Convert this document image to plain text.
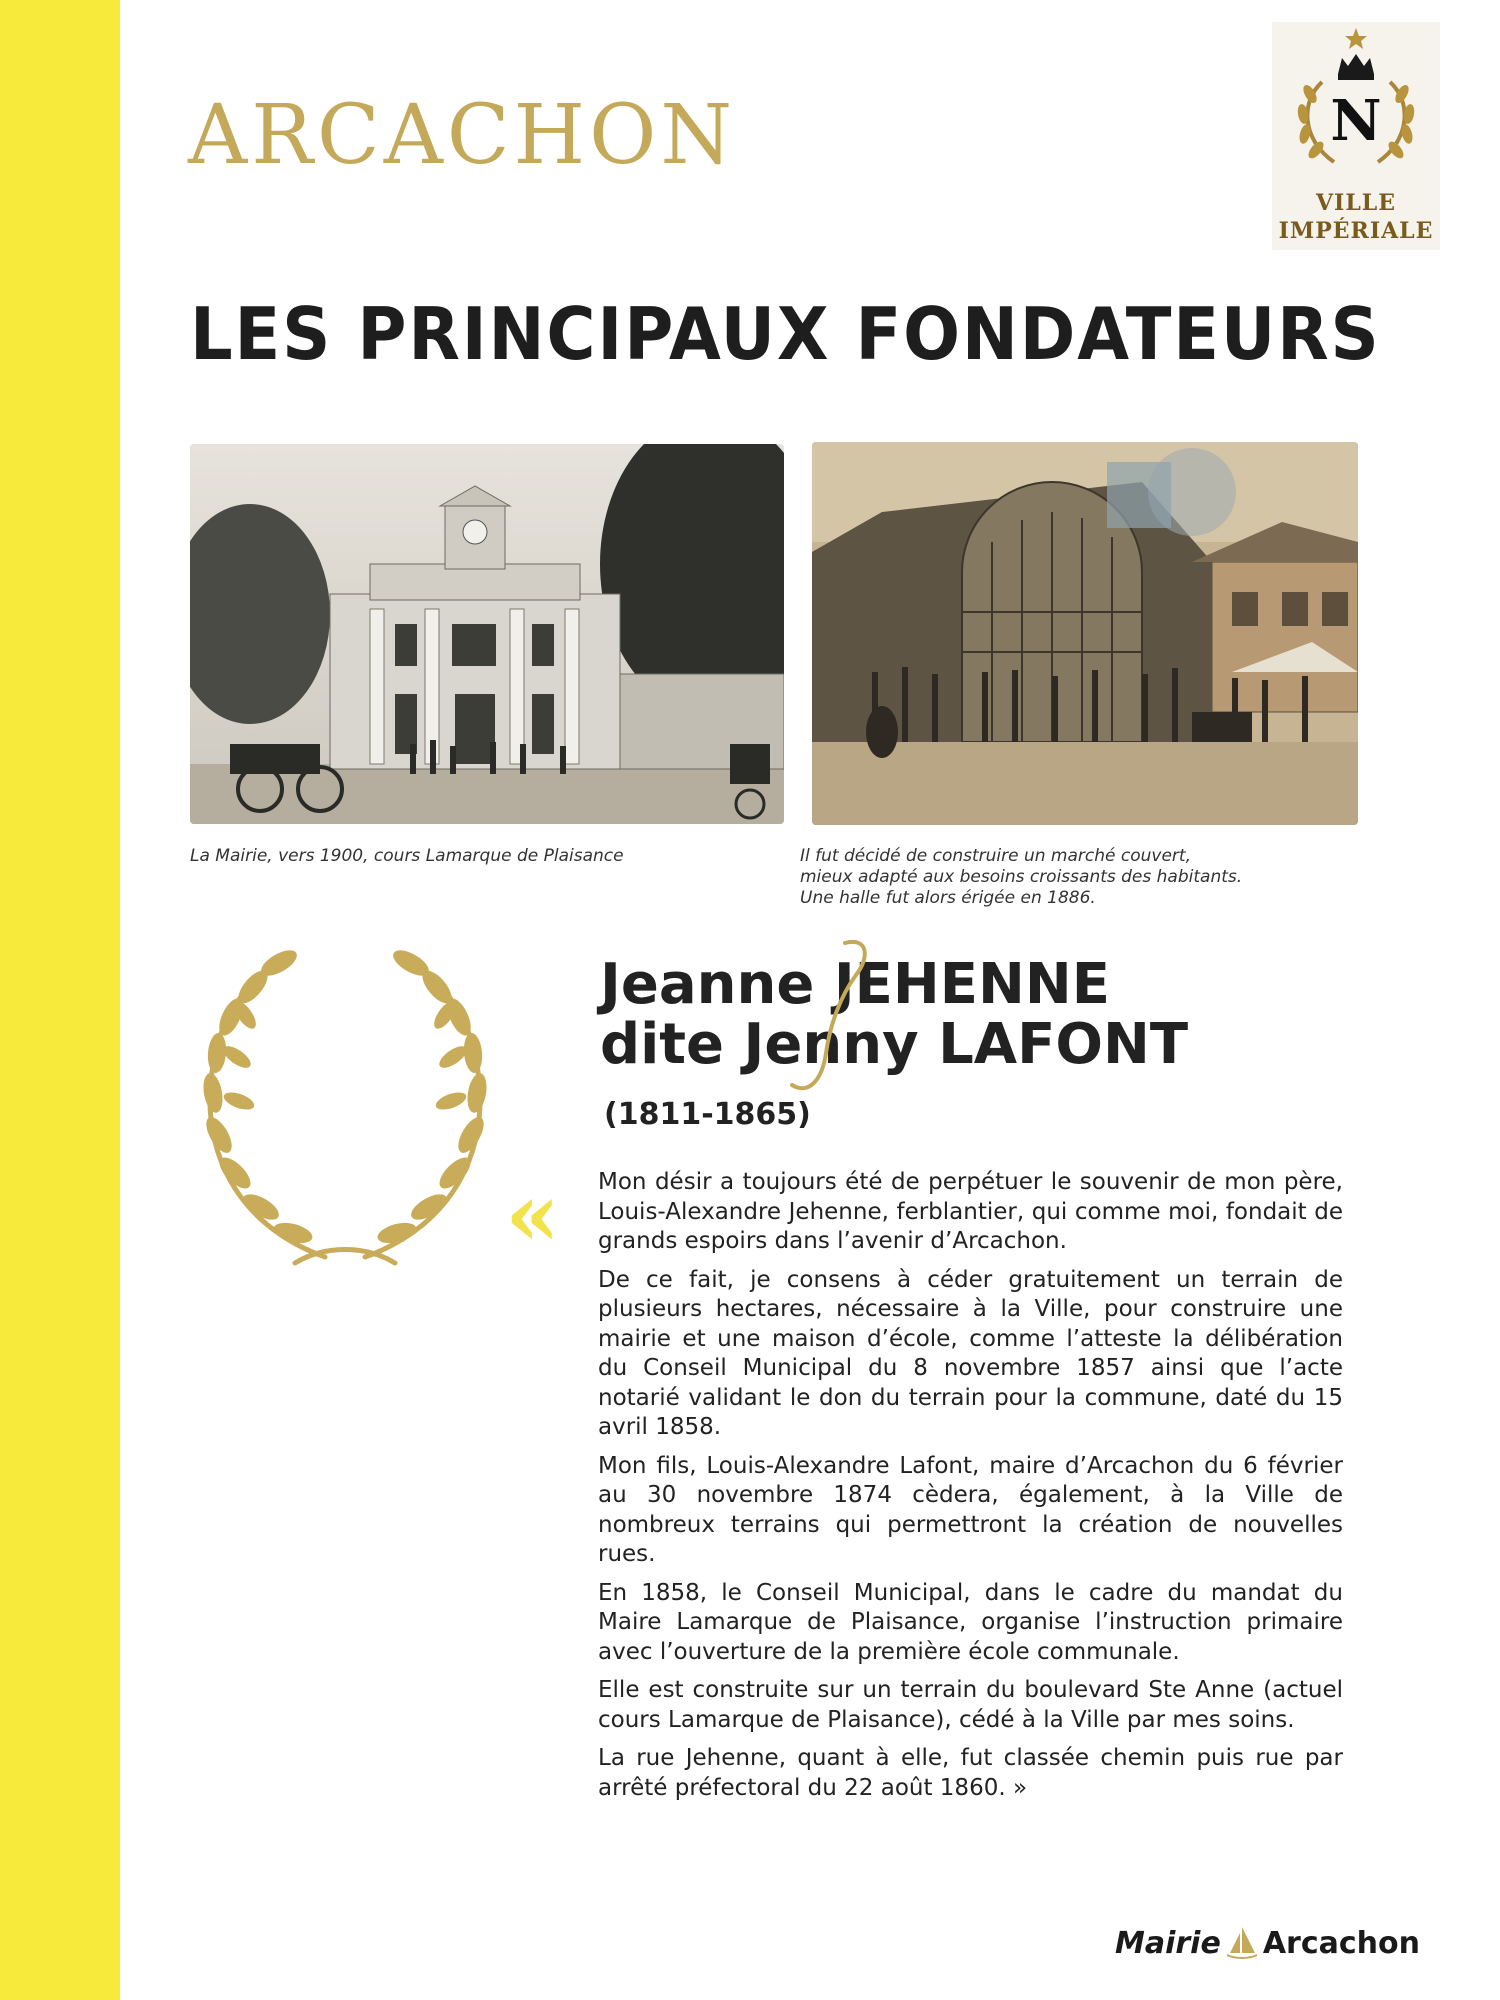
ARCACHON	N
VILLE
IMPÉRIALE
LES PRINCIPAUX FONDATEURS

La Mairie, vers 1900, cours Lamarque de Plaisance	Il fut décidé de construire un marché couvert,
mieux adapté aux besoins croissants des habitants.
Une halle fut alors érigée en 1886.

Jeanne JEHENNE

dite Jenny LAFONT

(1811-1865)

« Mon désir a toujours été de perpétuer le souvenir de mon père, Louis-Alexandre Jehenne, ferblantier, qui comme moi, fondait de grands espoirs dans l’avenir d’Arcachon.

De ce fait, je consens à céder gratuitement un terrain de plusieurs hectares, nécessaire à la Ville, pour construire une mairie et une maison d’école, comme l’atteste la délibération du Conseil Municipal du 8 novembre 1857 ainsi que l’acte notarié validant le don du terrain pour la commune, daté du 15 avril 1858.

Mon fils, Louis-Alexandre Lafont, maire d’Arcachon du 6 février au 30 novembre 1874 cèdera, également, à la Ville de nombreux terrains qui permettront la création de nouvelles rues.

En 1858, le Conseil Municipal, dans le cadre du mandat du Maire Lamarque de Plaisance, organise l’instruction primaire avec l’ouverture de la première école communale.

Elle est construite sur un terrain du boulevard Ste Anne (actuel cours Lamarque de Plaisance), cédé à la Ville par mes soins.

La rue Jehenne, quant à elle, fut classée chemin puis rue par arrêté préfectoral du 22 août 1860. »

Mairie Arcachon
